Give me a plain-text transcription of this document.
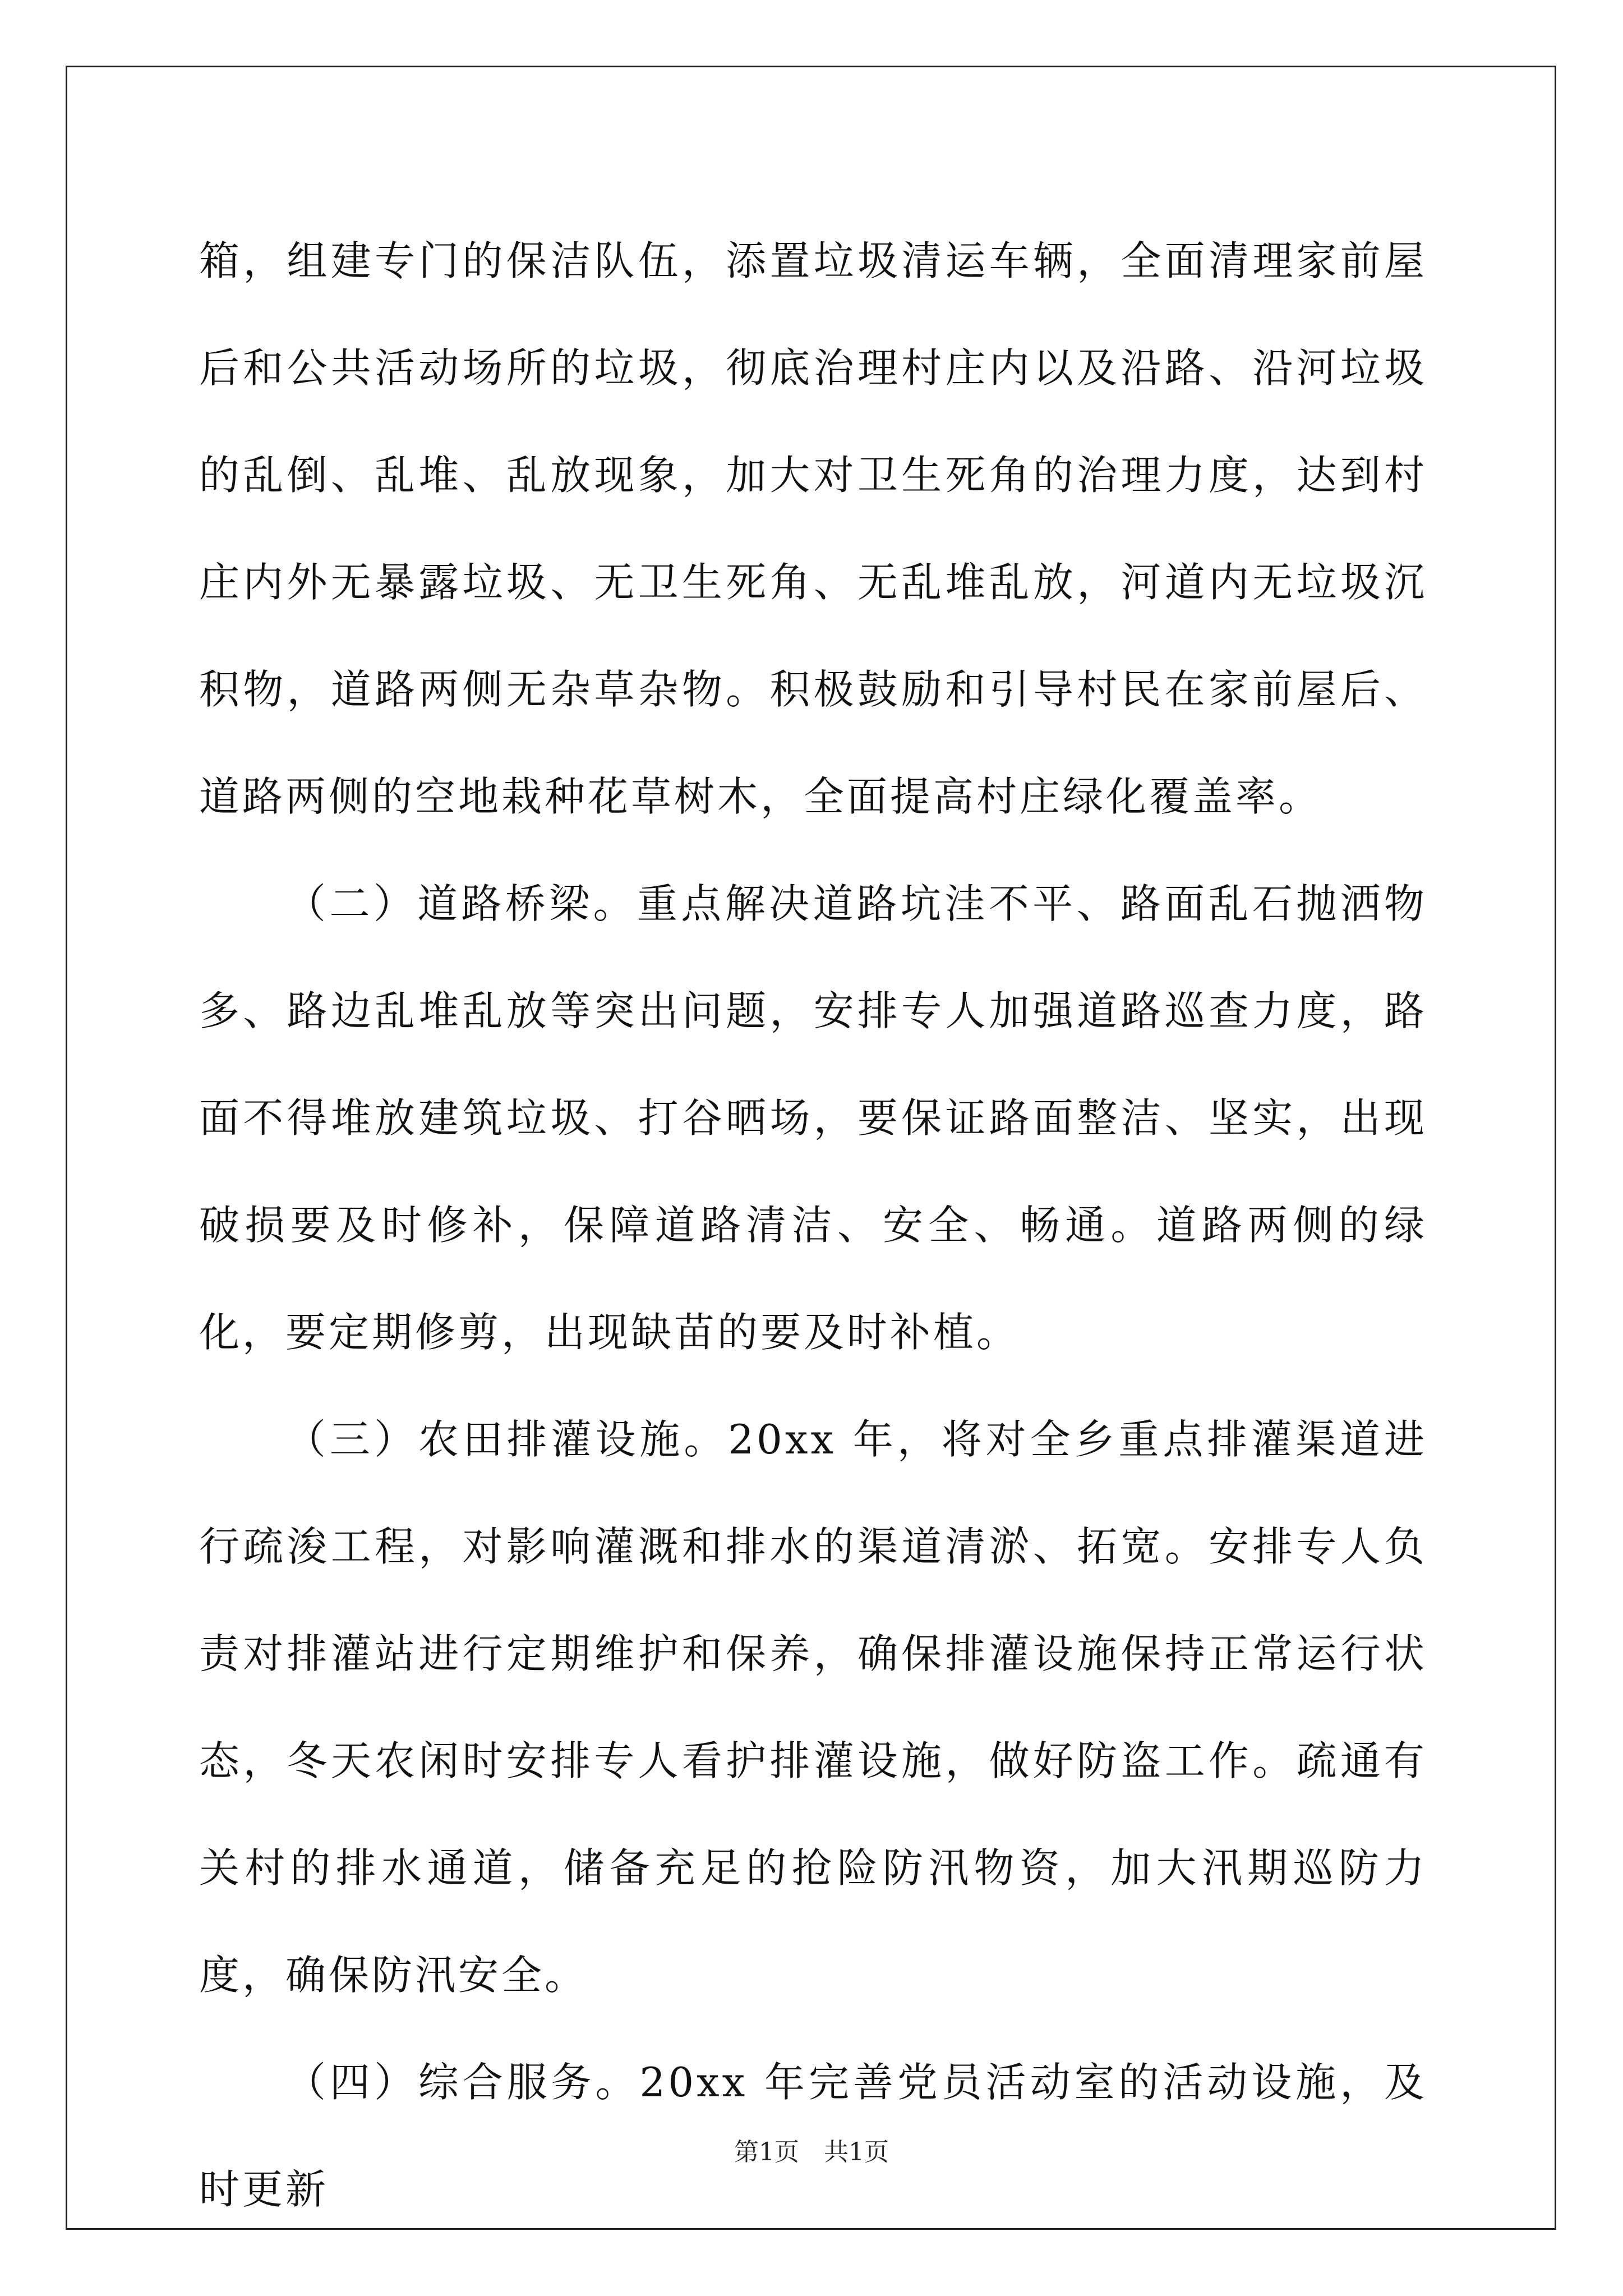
箱，组建专门的保洁队伍，添置垃圾清运车辆，全面清理家前屋后和公共活动场所的垃圾，彻底治理村庄内以及沿路、沿河垃圾的乱倒、乱堆、乱放现象，加大对卫生死角的治理力度，达到村庄内外无暴露垃圾、无卫生死角、无乱堆乱放，河道内无垃圾沉积物，道路两侧无杂草杂物。积极鼓励和引导村民在家前屋后、道路两侧的空地栽种花草树木，全面提高村庄绿化覆盖率。

（二）道路桥梁。重点解决道路坑洼不平、路面乱石抛洒物多、路边乱堆乱放等突出问题，安排专人加强道路巡查力度，路面不得堆放建筑垃圾、打谷晒场，要保证路面整洁、坚实，出现破损要及时修补，保障道路清洁、安全、畅通。道路两侧的绿化，要定期修剪，出现缺苗的要及时补植。

（三）农田排灌设施。20xx 年，将对全乡重点排灌渠道进行疏浚工程，对影响灌溉和排水的渠道清淤、拓宽。安排专人负责对排灌站进行定期维护和保养，确保排灌设施保持正常运行状态，冬天农闲时安排专人看护排灌设施，做好防盗工作。疏通有关村的排水通道，储备充足的抢险防汛物资，加大汛期巡防力度，确保防汛安全。

（四）综合服务。20xx 年完善党员活动室的活动设施，及时更新

第1页　共1页
